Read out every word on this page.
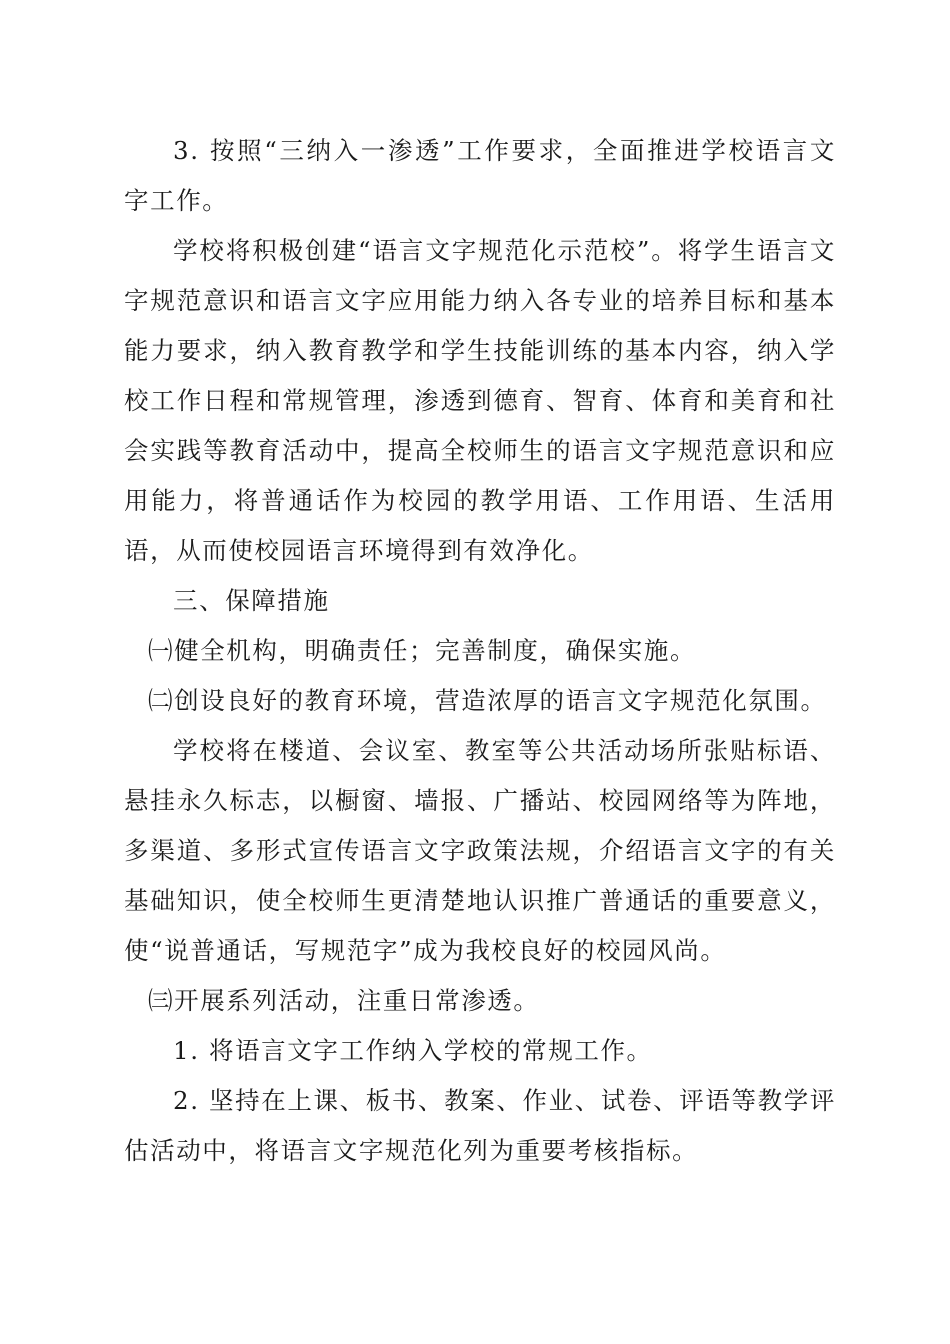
3. 按照“三纳入一渗透”工作要求，全面推进学校语言文字工作。

学校将积极创建“语言文字规范化示范校”。将学生语言文字规范意识和语言文字应用能力纳入各专业的培养目标和基本能力要求，纳入教育教学和学生技能训练的基本内容，纳入学校工作日程和常规管理，渗透到德育、智育、体育和美育和社会实践等教育活动中，提高全校师生的语言文字规范意识和应用能力，将普通话作为校园的教学用语、工作用语、生活用语，从而使校园语言环境得到有效净化。

三、保障措施

㈠健全机构，明确责任；完善制度，确保实施。

㈡创设良好的教育环境，营造浓厚的语言文字规范化氛围。

学校将在楼道、会议室、教室等公共活动场所张贴标语、悬挂永久标志，以橱窗、墙报、广播站、校园网络等为阵地，多渠道、多形式宣传语言文字政策法规，介绍语言文字的有关基础知识，使全校师生更清楚地认识推广普通话的重要意义，使“说普通话，写规范字”成为我校良好的校园风尚。

㈢开展系列活动，注重日常渗透。

1. 将语言文字工作纳入学校的常规工作。

2. 坚持在上课、板书、教案、作业、试卷、评语等教学评估活动中，将语言文字规范化列为重要考核指标。
